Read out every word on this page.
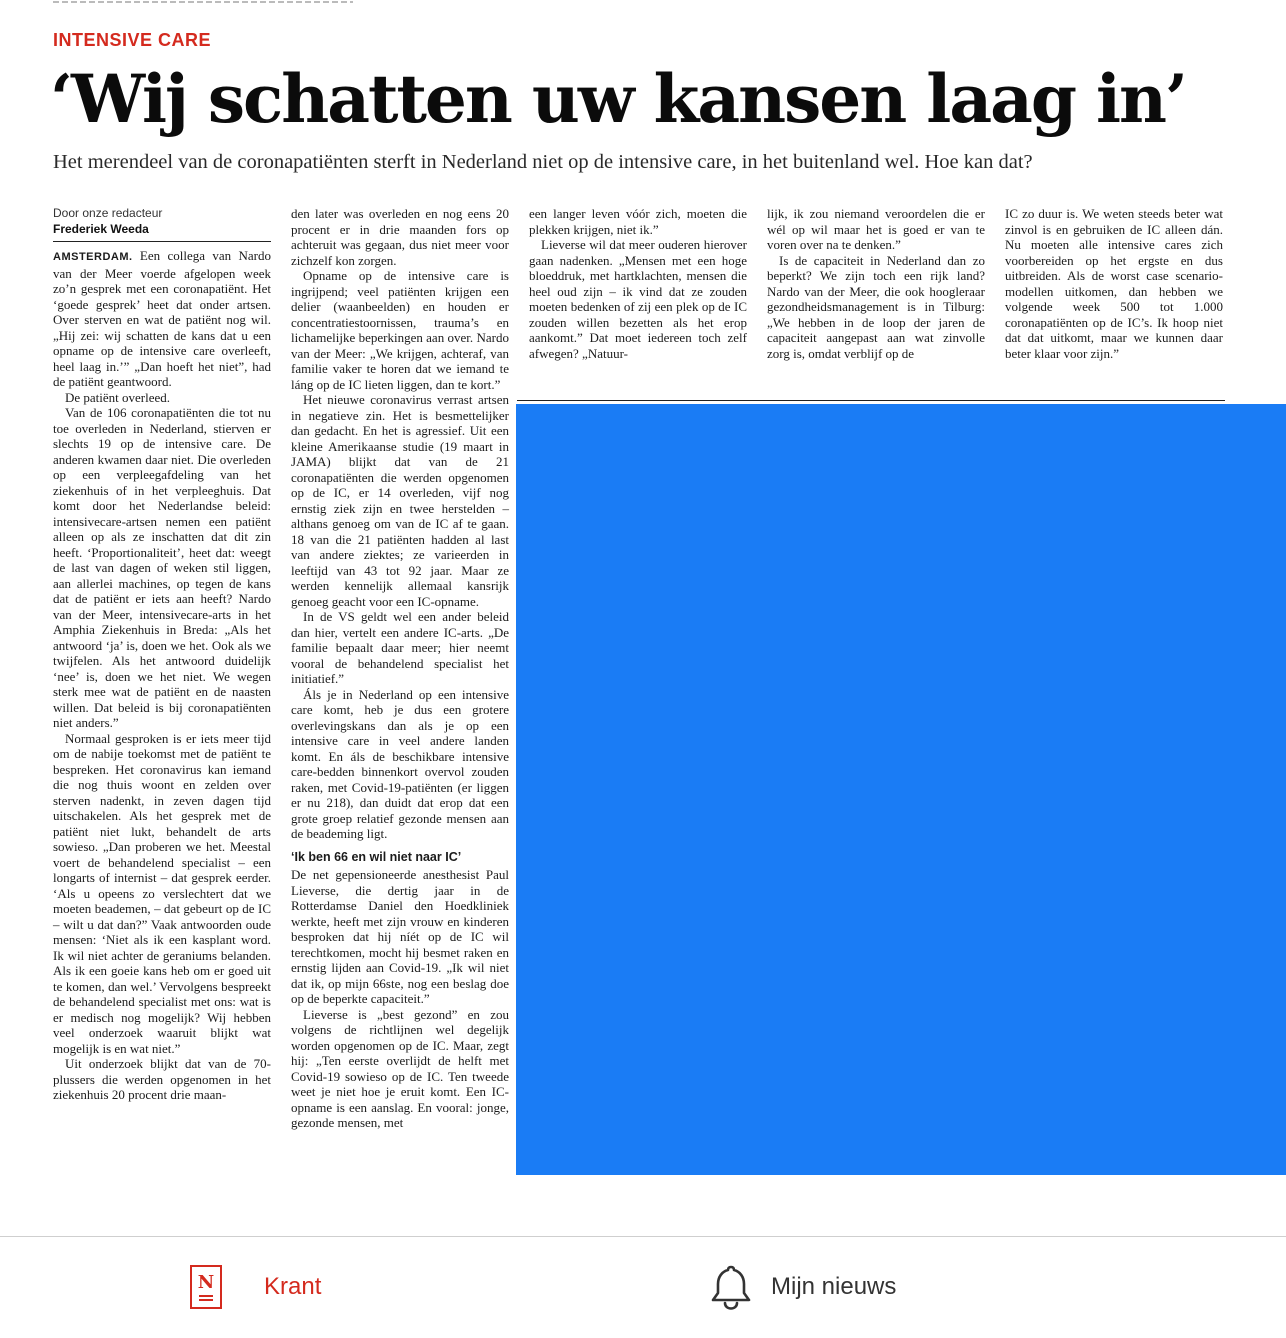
INTENSIVE CARE
‘Wij schatten uw kansen laag in’
Het merendeel van de coronapatiënten sterft in Nederland niet op de intensive care, in het buitenland wel. Hoe kan dat?
Door onze redacteur
Frederiek Weeda

AMSTERDAM. Een collega van Nardo van der Meer voerde afgelopen week zo’n gesprek met een coronapatiënt. Het ‘goede gesprek’ heet dat onder artsen. Over sterven en wat de patiënt nog wil. „Hij zei: wij schatten de kans dat u een opname op de intensive care overleeft, heel laag in.’” „Dan hoeft het niet”, had de patiënt geantwoord.

De patiënt overleed.

Van de 106 coronapatiënten die tot nu toe overleden in Nederland, stierven er slechts 19 op de intensive care. De anderen kwamen daar niet. Die overleden op een verpleegafdeling van het ziekenhuis of in het verpleeghuis. Dat komt door het Nederlandse beleid: intensivecare-artsen nemen een patiënt alleen op als ze inschatten dat dit zin heeft. ‘Proportionaliteit’, heet dat: weegt de last van dagen of weken stil liggen, aan allerlei machines, op tegen de kans dat de patiënt er iets aan heeft? Nardo van der Meer, intensivecare-arts in het Amphia Ziekenhuis in Breda: „Als het antwoord ‘ja’ is, doen we het. Ook als we twijfelen. Als het antwoord duidelijk ‘nee’ is, doen we het niet. We wegen sterk mee wat de patiënt en de naasten willen. Dat beleid is bij coronapatiënten niet anders.”

Normaal gesproken is er iets meer tijd om de nabije toekomst met de patiënt te bespreken. Het coronavirus kan iemand die nog thuis woont en zelden over sterven nadenkt, in zeven dagen tijd uitschakelen. Als het gesprek met de patiënt niet lukt, behandelt de arts sowieso. „Dan proberen we het. Meestal voert de behandelend specialist – een longarts of internist – dat gesprek eerder. ‘Als u opeens zo verslechtert dat we moeten beademen, – dat gebeurt op de IC – wilt u dat dan?” Vaak antwoorden oude mensen: ‘Niet als ik een kasplant word. Ik wil niet achter de geraniums belanden. Als ik een goeie kans heb om er goed uit te komen, dan wel.’ Vervolgens bespreekt de behandelend specialist met ons: wat is er medisch nog mogelijk? Wij hebben veel onderzoek waaruit blijkt wat mogelijk is en wat niet.”

Uit onderzoek blijkt dat van de 70-plussers die werden opgenomen in het ziekenhuis 20 procent drie maan-

den later was overleden en nog eens 20 procent er in drie maanden fors op achteruit was gegaan, dus niet meer voor zichzelf kon zorgen.

Opname op de intensive care is ingrijpend; veel patiënten krijgen een delier (waanbeelden) en houden er concentratiestoornissen, trauma’s en lichamelijke beperkingen aan over. Nardo van der Meer: „We krijgen, achteraf, van familie vaker te horen dat we iemand te láng op de IC lieten liggen, dan te kort.”

Het nieuwe coronavirus verrast artsen in negatieve zin. Het is besmettelijker dan gedacht. En het is agressief. Uit een kleine Amerikaanse studie (19 maart in JAMA) blijkt dat van de 21 coronapatiënten die werden opgenomen op de IC, er 14 overleden, vijf nog ernstig ziek zijn en twee herstelden – althans genoeg om van de IC af te gaan. 18 van die 21 patiënten hadden al last van andere ziektes; ze varieerden in leeftijd van 43 tot 92 jaar. Maar ze werden kennelijk allemaal kansrijk genoeg geacht voor een IC-opname.

In de VS geldt wel een ander beleid dan hier, vertelt een andere IC-arts. „De familie bepaalt daar meer; hier neemt vooral de behandelend specialist het initiatief.”

Áls je in Nederland op een intensive care komt, heb je dus een grotere overlevingskans dan als je op een intensive care in veel andere landen komt. En áls de beschikbare intensive care-bedden binnenkort overvol zouden raken, met Covid-19-patiënten (er liggen er nu 218), dan duidt dat erop dat een grote groep relatief gezonde mensen aan de beademing ligt.

‘Ik ben 66 en wil niet naar IC’

De net gepensioneerde anesthesist Paul Lieverse, die dertig jaar in de Rotterdamse Daniel den Hoedkliniek werkte, heeft met zijn vrouw en kinderen besproken dat hij níét op de IC wil terechtkomen, mocht hij besmet raken en ernstig lijden aan Covid-19. „Ik wil niet dat ik, op mijn 66ste, nog een beslag doe op de beperkte capaciteit.”

Lieverse is „best gezond” en zou volgens de richtlijnen wel degelijk worden opgenomen op de IC. Maar, zegt hij: „Ten eerste overlijdt de helft met Covid-19 sowieso op de IC. Ten tweede weet je niet hoe je eruit komt. Een IC-opname is een aanslag. En vooral: jonge, gezonde mensen, met

een langer leven vóór zich, moeten die plekken krijgen, niet ik.”

Lieverse wil dat meer ouderen hierover gaan nadenken. „Mensen met een hoge bloeddruk, met hartklachten, mensen die heel oud zijn – ik vind dat ze zouden moeten bedenken of zij een plek op de IC zouden willen bezetten als het erop aankomt.” Dat moet iedereen toch zelf afwegen? „Natuur-

lijk, ik zou niemand veroordelen die er wél op wil maar het is goed er van te voren over na te denken.”

Is de capaciteit in Nederland dan zo beperkt? We zijn toch een rijk land? Nardo van der Meer, die ook hoogleraar gezondheidsmanagement is in Tilburg: „We hebben in de loop der jaren de capaciteit aangepast aan wat zinvolle zorg is, omdat verblijf op de

IC zo duur is. We weten steeds beter wat zinvol is en gebruiken de IC alleen dán. Nu moeten alle intensive cares zich voorbereiden op het ergste en dus uitbreiden. Als de worst case scenario-modellen uitkomen, dan hebben we volgende week 500 tot 1.000 coronapatiënten op de IC’s. Ik hoop niet dat dat uitkomt, maar we kunnen daar beter klaar voor zijn.”

N Krant	Mijn nieuws
